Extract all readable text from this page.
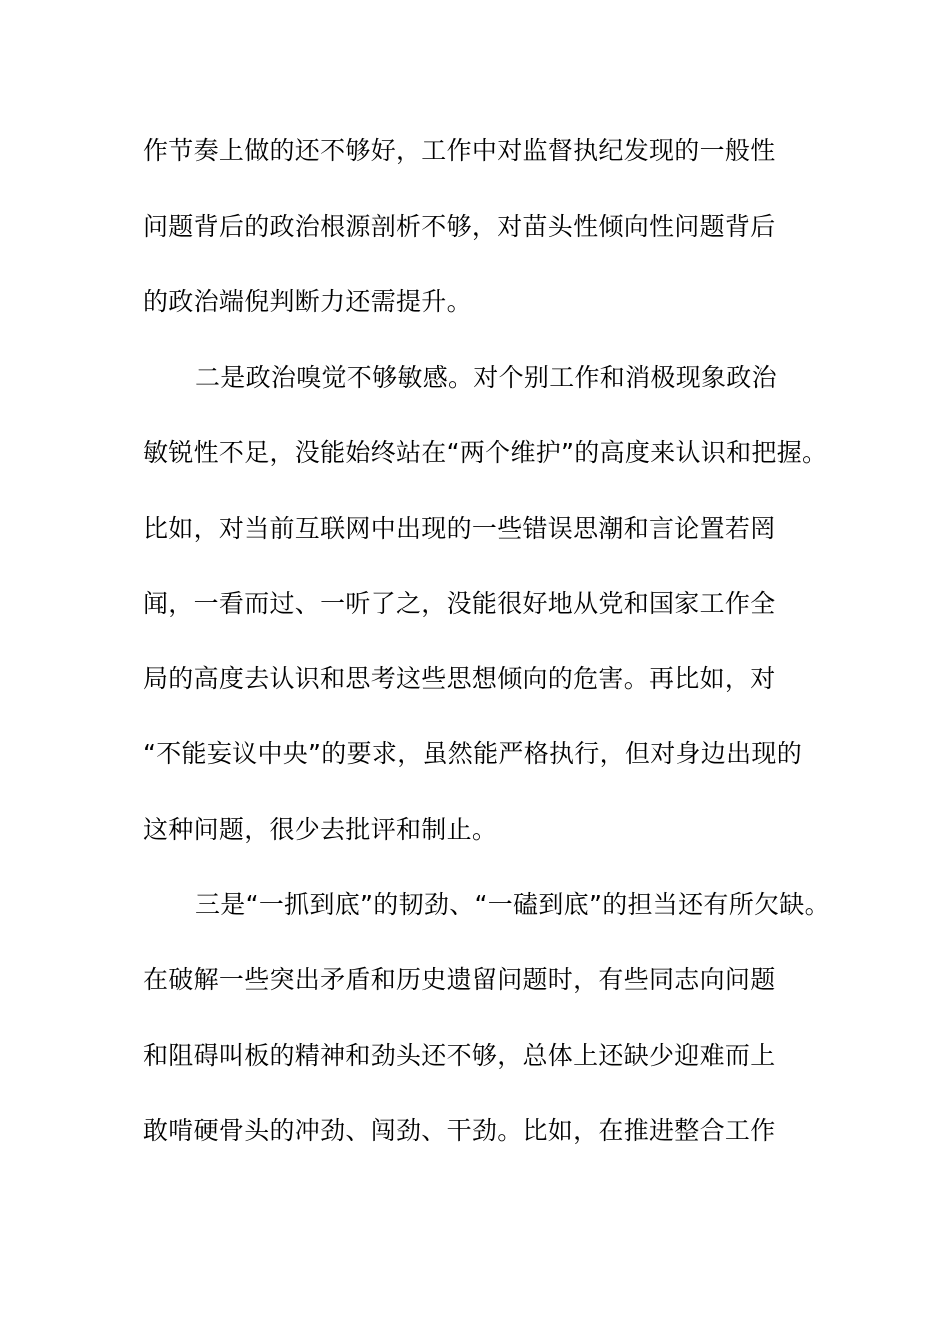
作节奏上做的还不够好，工作中对监督执纪发现的一般性
问题背后的政治根源剖析不够，对苗头性倾向性问题背后
的政治端倪判断力还需提升。
二是政治嗅觉不够敏感。对个别工作和消极现象政治
敏锐性不足，没能始终站在“两个维护”的高度来认识和把握。
比如，对当前互联网中出现的一些错误思潮和言论置若罔
闻，一看而过、一听了之，没能很好地从党和国家工作全
局的高度去认识和思考这些思想倾向的危害。再比如，对
“不能妄议中央”的要求，虽然能严格执行，但对身边出现的
这种问题，很少去批评和制止。
三是“一抓到底”的韧劲、“一磕到底”的担当还有所欠缺。
在破解一些突出矛盾和历史遗留问题时，有些同志向问题
和阻碍叫板的精神和劲头还不够，总体上还缺少迎难而上
敢啃硬骨头的冲劲、闯劲、干劲。比如，在推进整合工作
